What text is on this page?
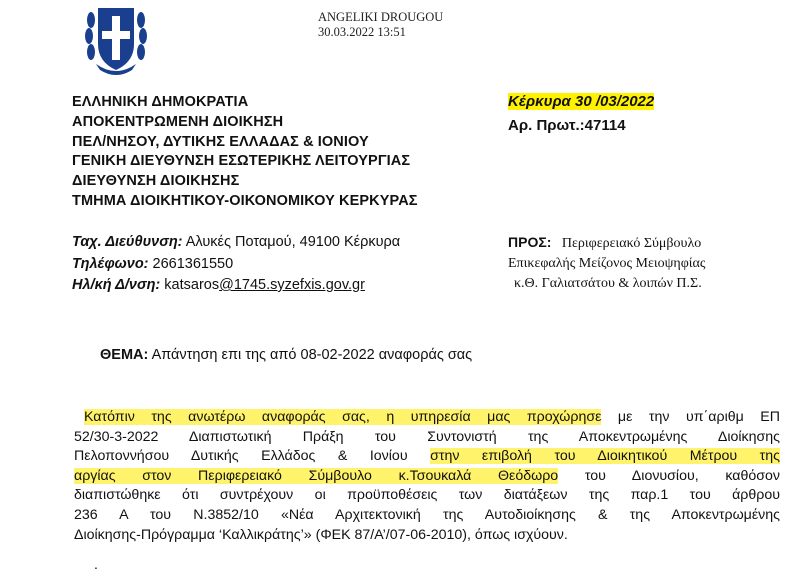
ANGELIKI DROUGOU
30.03.2022 13:51
ΕΛΛΗΝΙΚΗ ΔΗΜΟΚΡΑΤΙΑ
ΑΠΟΚΕΝΤΡΩΜΕΝΗ ΔΙΟΙΚΗΣΗ
ΠΕΛ/ΝΗΣΟΥ, ΔΥΤΙΚΗΣ ΕΛΛΑΔΑΣ & ΙΟΝΙΟΥ
ΓΕΝΙΚΗ ΔΙΕΥΘΥΝΣΗ ΕΣΩΤΕΡΙΚΗΣ ΛΕΙΤΟΥΡΓΙΑΣ
ΔΙΕΥΘΥΝΣΗ ΔΙΟΙΚΗΣΗΣ
ΤΜΗΜΑ ΔΙΟΙΚΗΤΙΚΟΥ-ΟΙΚΟΝΟΜΙΚΟΥ ΚΕΡΚΥΡΑΣ
Ταχ. Διεύθυνση: Αλυκές Ποταμού, 49100 Κέρκυρα
Τηλέφωνο: 2661361550
Ηλ/κή Δ/νση: katsaros@1745.syzefxis.gov.gr
Κέρκυρα 30 /03/2022
Αρ. Πρωτ.:47114
ΠΡΟΣ: Περιφερειακό Σύμβουλο
Επικεφαλής Μείζονος Μειοψηφίας
κ.Θ. Γαλιατσάτου & λοιπών Π.Σ.
ΘΕΜΑ: Απάντηση επι της από 08-02-2022 αναφοράς σας
Κατόπιν της ανωτέρω αναφοράς σας, η υπηρεσία μας προχώρησε με την υπ΄αριθμ ΕΠ
52/30-3-2022 Διαπιστωτική Πράξη του Συντονιστή της Αποκεντρωμένης Διοίκησης
Πελοποννήσου Δυτικής Ελλάδος & Ιονίου στην επιβολή του Διοικητικού Μέτρου της
αργίας στον Περιφερειακό Σύμβουλο κ.Τσουκαλά Θεόδωρο του Διονυσίου, καθόσον
διαπιστώθηκε ότι συντρέχουν οι προϋποθέσεις των διατάξεων της παρ.1 του άρθρου
236 Α του Ν.3852/10 «Νέα Αρχιτεκτονική της Αυτοδιοίκησης & της Αποκεντρωμένης
Διοίκησης-Πρόγραμμα ‘Καλλικράτης’» (ΦΕΚ 87/Α’/07-06-2010), όπως ισχύουν.
.
